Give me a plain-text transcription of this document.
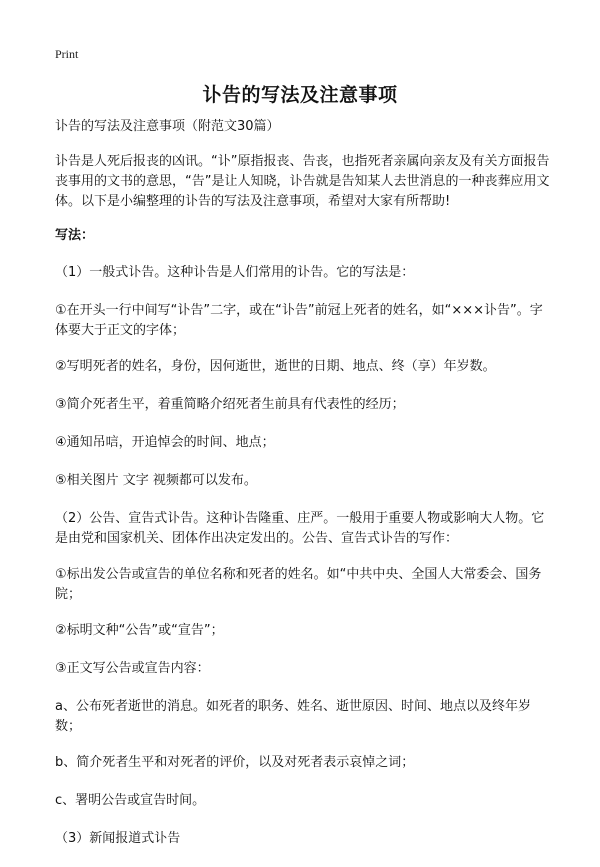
Print
讣告的写法及注意事项

讣告的写法及注意事项（附范文30篇）

讣告是人死后报丧的凶讯。“讣”原指报丧、告丧，也指死者亲属向亲友及有关方面报告丧事用的文书的意思，“告”是让人知晓，讣告就是告知某人去世消息的一种丧葬应用文体。以下是小编整理的讣告的写法及注意事项，希望对大家有所帮助!

写法：

（1）一般式讣告。这种讣告是人们常用的讣告。它的写法是：

①在开头一行中间写“讣告”二字，或在“讣告”前冠上死者的姓名，如“×××讣告”。字体要大于正文的字体；

②写明死者的姓名，身份，因何逝世，逝世的日期、地点、终（享）年岁数。

③简介死者生平，着重简略介绍死者生前具有代表性的经历；

④通知吊唁，开追悼会的时间、地点；

⑤相关图片 文字 视频都可以发布。

（2）公告、宣告式讣告。这种讣告隆重、庄严。一般用于重要人物或影响大人物。它是由党和国家机关、团体作出决定发出的。公告、宣告式讣告的写作：

①标出发公告或宣告的单位名称和死者的姓名。如“中共中央、全国人大常委会、国务院；

②标明文种“公告”或“宣告”；

③正文写公告或宣告内容：

a、公布死者逝世的消息。如死者的职务、姓名、逝世原因、时间、地点以及终年岁数；

b、简介死者生平和对死者的评价，以及对死者表示哀悼之词；

c、署明公告或宣告时间。

（3）新闻报道式讣告
